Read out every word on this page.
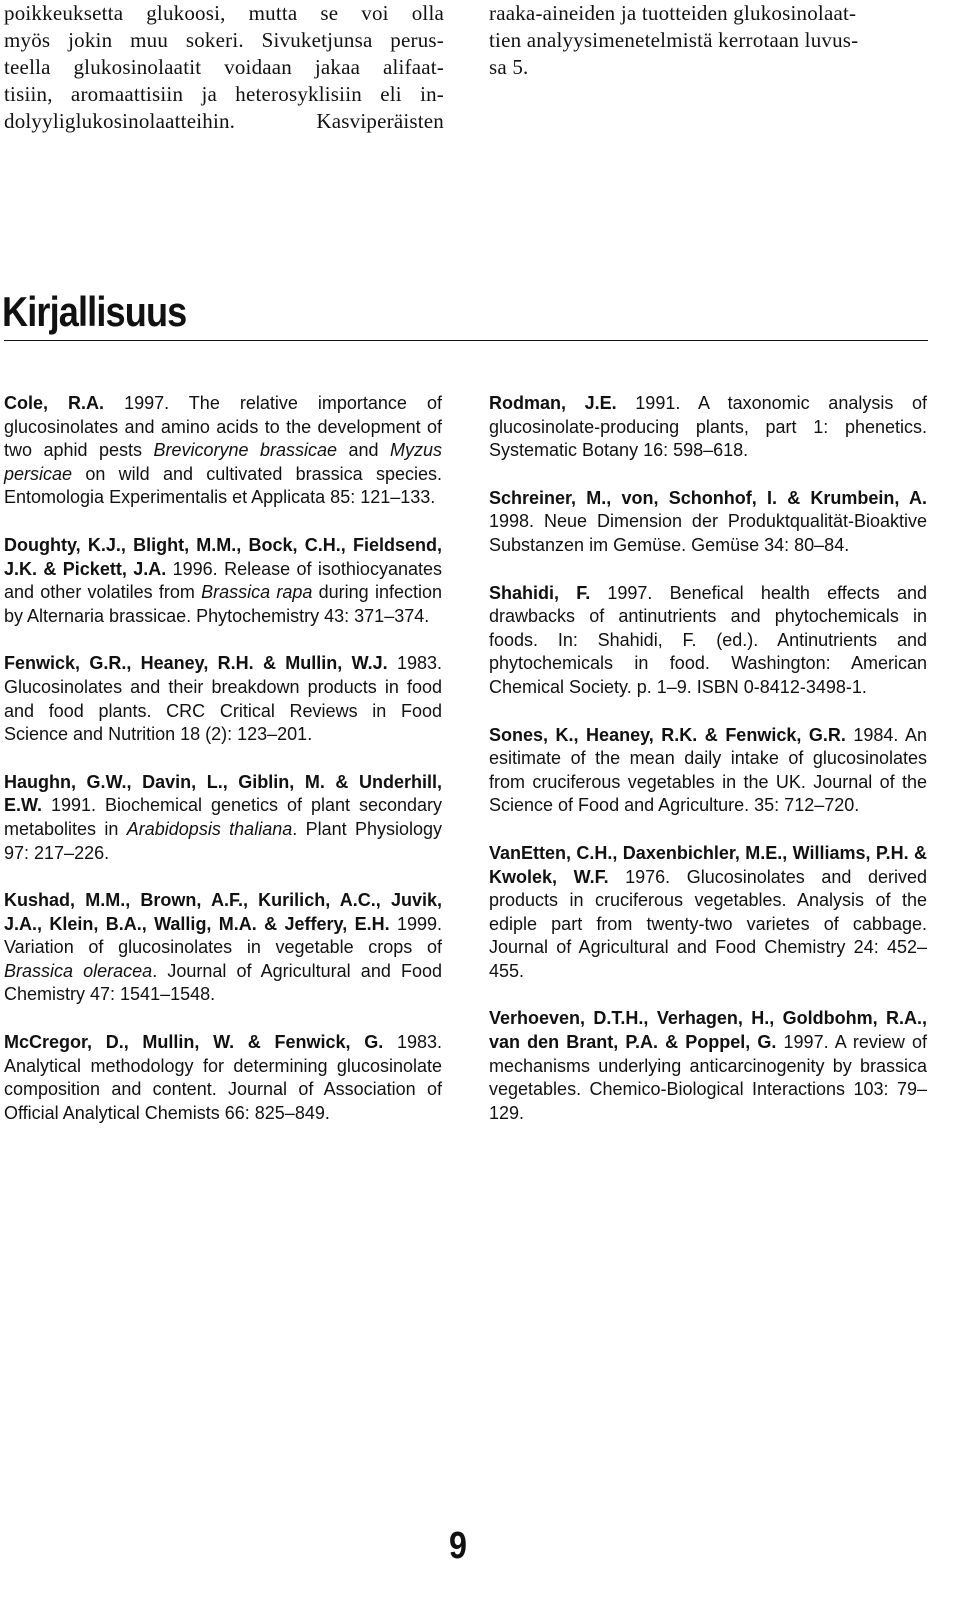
poikkeuksetta glukoosi, mutta se voi olla
myös jokin muu sokeri. Sivuketjunsa perus-
teella glukosinolaatit voidaan jakaa alifaat-
tisiin, aromaattisiin ja heterosyklisiin eli in-
dolyyliglukosinolaatteihin. Kasviperäisten
raaka-aineiden ja tuotteiden glukosinolaat-
tien analyysimenetelmistä kerrotaan luvus-
sa 5.
Kirjallisuus

Cole, R.A. 1997. The relative importance of glucosinolates and amino acids to the development of two aphid pests Brevicoryne brassicae and Myzus persicae on wild and cultivated brassica species. Entomologia Experimentalis et Applicata 85: 121–133.

Doughty, K.J., Blight, M.M., Bock, C.H., Fieldsend, J.K. & Pickett, J.A. 1996. Release of isothiocyanates and other volatiles from Brassica rapa during infection by Alternaria brassicae. Phytochemistry 43: 371–374.

Fenwick, G.R., Heaney, R.H. & Mullin, W.J. 1983. Glucosinolates and their breakdown products in food and food plants. CRC Critical Reviews in Food Science and Nutrition 18 (2): 123–201.

Haughn, G.W., Davin, L., Giblin, M. & Underhill, E.W. 1991. Biochemical genetics of plant secondary metabolites in Arabidopsis thaliana. Plant Physiology 97: 217–226.

Kushad, M.M., Brown, A.F., Kurilich, A.C., Juvik, J.A., Klein, B.A., Wallig, M.A. & Jeffery, E.H. 1999. Variation of glucosinolates in vegetable crops of Brassica oleracea. Journal of Agricultural and Food Chemistry 47: 1541–1548.

McCregor, D., Mullin, W. & Fenwick, G. 1983. Analytical methodology for determining glucosinolate composition and content. Journal of Association of Official Analytical Chemists 66: 825–849.

Rodman, J.E. 1991. A taxonomic analysis of glucosinolate-producing plants, part 1: phenetics. Systematic Botany 16: 598–618.

Schreiner, M., von, Schonhof, I. & Krumbein, A. 1998. Neue Dimension der Produktqualität-Bioaktive Substanzen im Gemüse. Gemüse 34: 80–84.

Shahidi, F. 1997. Benefical health effects and drawbacks of antinutrients and phytochemicals in foods. In: Shahidi, F. (ed.). Antinutrients and phytochemicals in food. Washington: American Chemical Society. p. 1–9. ISBN 0-8412-3498-1.

Sones, K., Heaney, R.K. & Fenwick, G.R. 1984. An esitimate of the mean daily intake of glucosinolates from cruciferous vegetables in the UK. Journal of the Science of Food and Agriculture. 35: 712–720.

VanEtten, C.H., Daxenbichler, M.E., Williams, P.H. & Kwolek, W.F. 1976. Glucosinolates and derived products in cruciferous vegetables. Analysis of the ediple part from twenty-two varietes of cabbage. Journal of Agricultural and Food Chemistry 24: 452–455.

Verhoeven, D.T.H., Verhagen, H., Goldbohm, R.A., van den Brant, P.A. & Poppel, G. 1997. A review of mechanisms underlying anticarcinogenity by brassica vegetables. Chemico-Biological Interactions 103: 79–129.

9
